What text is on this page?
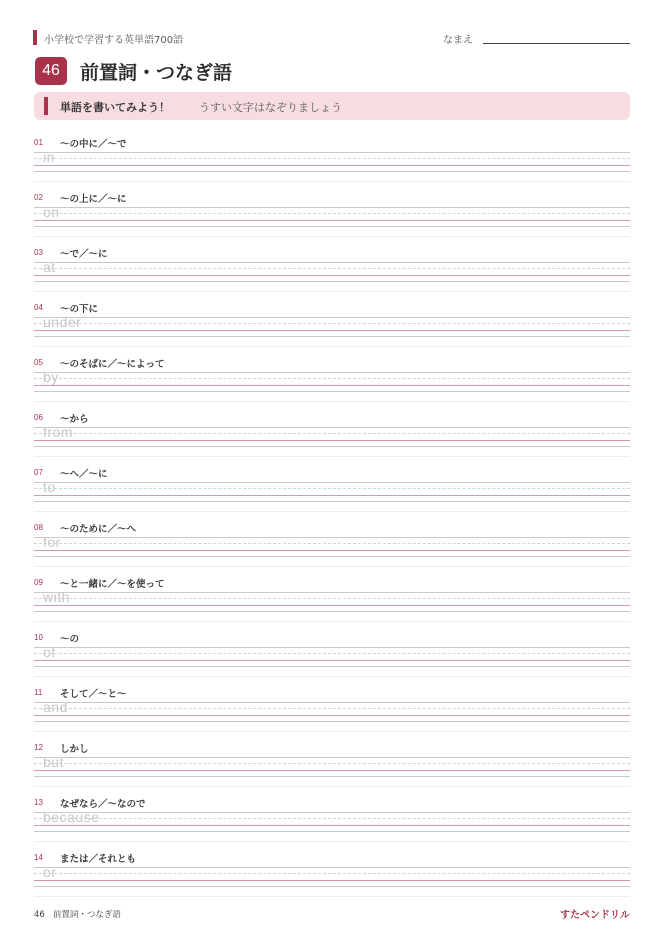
小学校で学習する英単語700語	なまえ
46	前置詞・つなぎ語
単語を書いてみよう！	うすい文字はなぞりましょう
01 ～の中に／～で
in
02 ～の上に／～に
on
03 ～で／～に
at
04 ～の下に
under
05 ～のそばに／～によって
by
06 ～から
from
07 ～へ／～に
to
08 ～のために／～へ
for
09 ～と一緒に／～を使って
with
10 ～の
of
11 そして／～と～
and
12 しかし
but
13 なぜなら／～なので
because
14 または／それとも
or
46 前置詞・つなぎ語	すたペンドリル
